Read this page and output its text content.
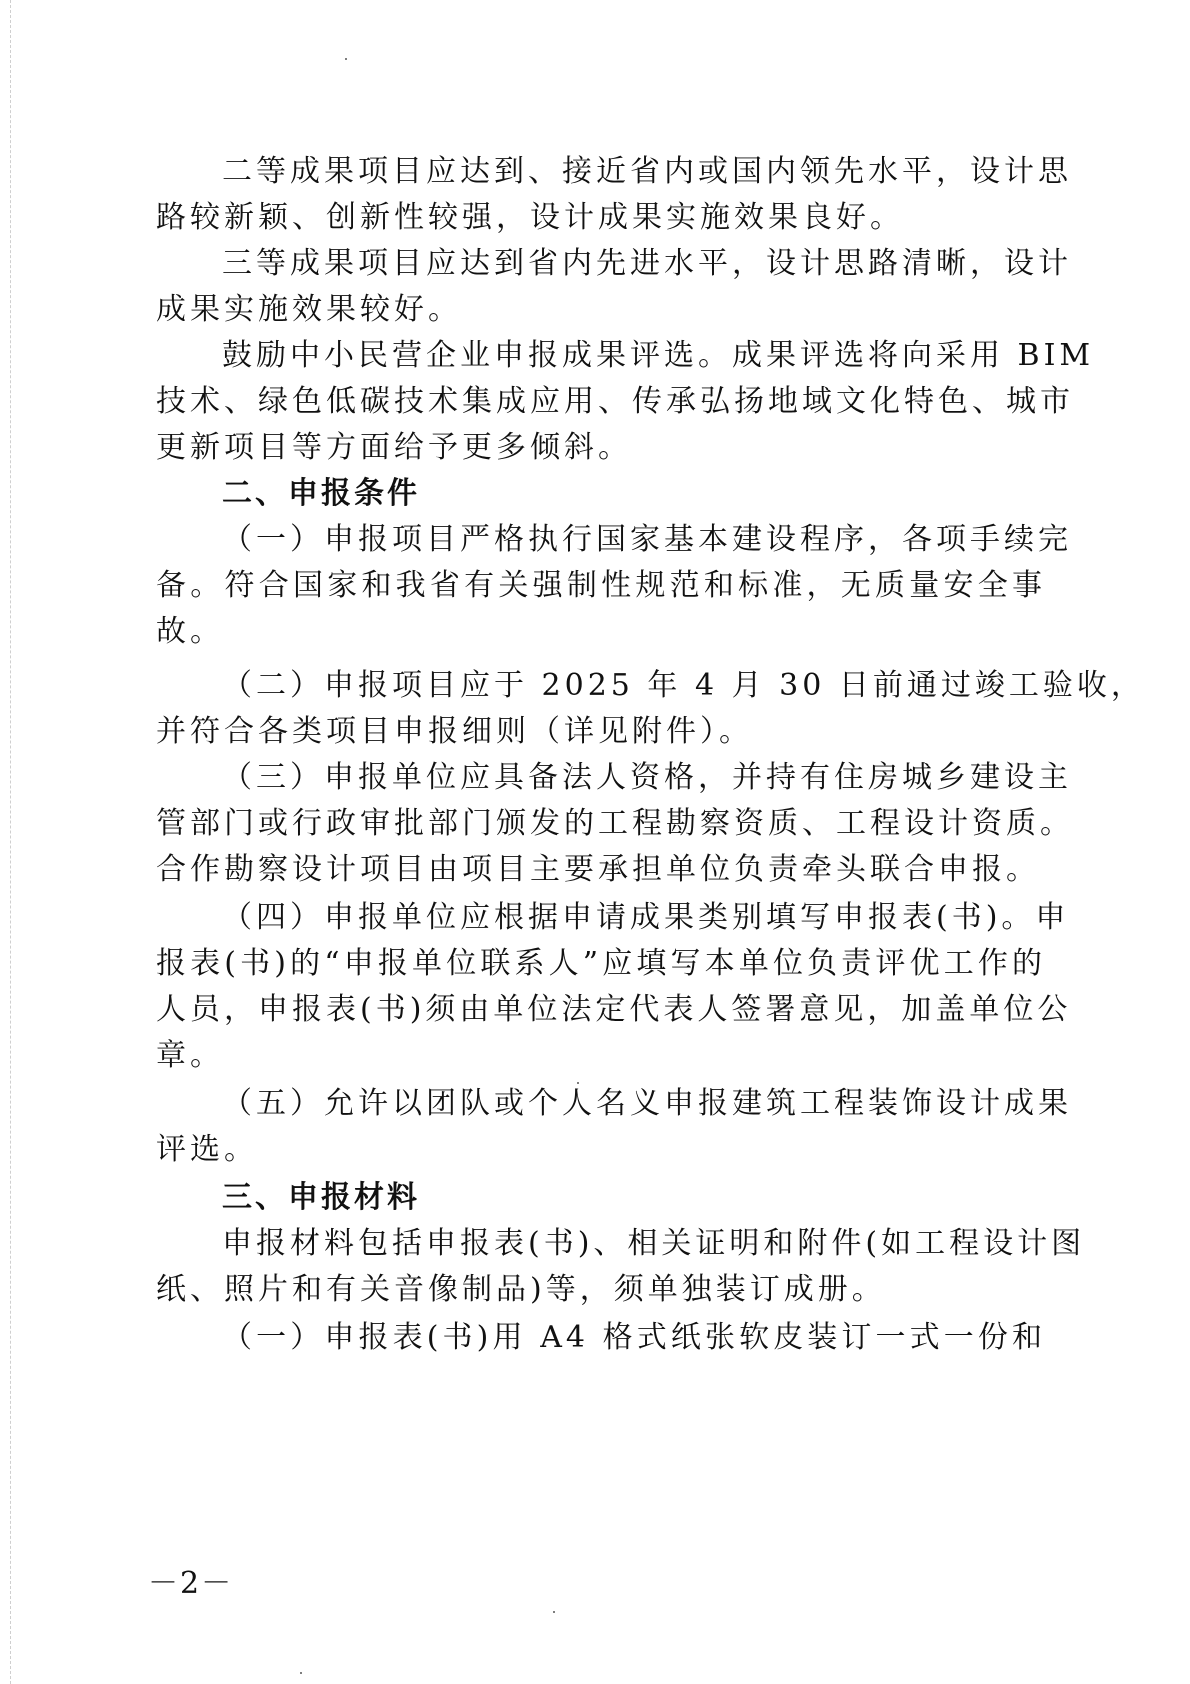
二等成果项目应达到、接近省内或国内领先水平，设计思
路较新颖、创新性较强，设计成果实施效果良好。
三等成果项目应达到省内先进水平，设计思路清晰，设计
成果实施效果较好。
鼓励中小民营企业申报成果评选。成果评选将向采用 BIM
技术、绿色低碳技术集成应用、传承弘扬地域文化特色、城市
更新项目等方面给予更多倾斜。
二、申报条件
（一）申报项目严格执行国家基本建设程序，各项手续完
备。符合国家和我省有关强制性规范和标准，无质量安全事
故。
（二）申报项目应于 2025 年 4 月 30 日前通过竣工验收，
并符合各类项目申报细则（详见附件）。
（三）申报单位应具备法人资格，并持有住房城乡建设主
管部门或行政审批部门颁发的工程勘察资质、工程设计资质。
合作勘察设计项目由项目主要承担单位负责牵头联合申报。
（四）申报单位应根据申请成果类别填写申报表(书)。申
报表(书)的“申报单位联系人”应填写本单位负责评优工作的
人员，申报表(书)须由单位法定代表人签署意见，加盖单位公
章。
（五）允许以团队或个人名义申报建筑工程装饰设计成果
评选。
三、申报材料
申报材料包括申报表(书)、相关证明和附件(如工程设计图
纸、照片和有关音像制品)等，须单独装订成册。
（一）申报表(书)用 A4 格式纸张软皮装订一式一份和
－2－
